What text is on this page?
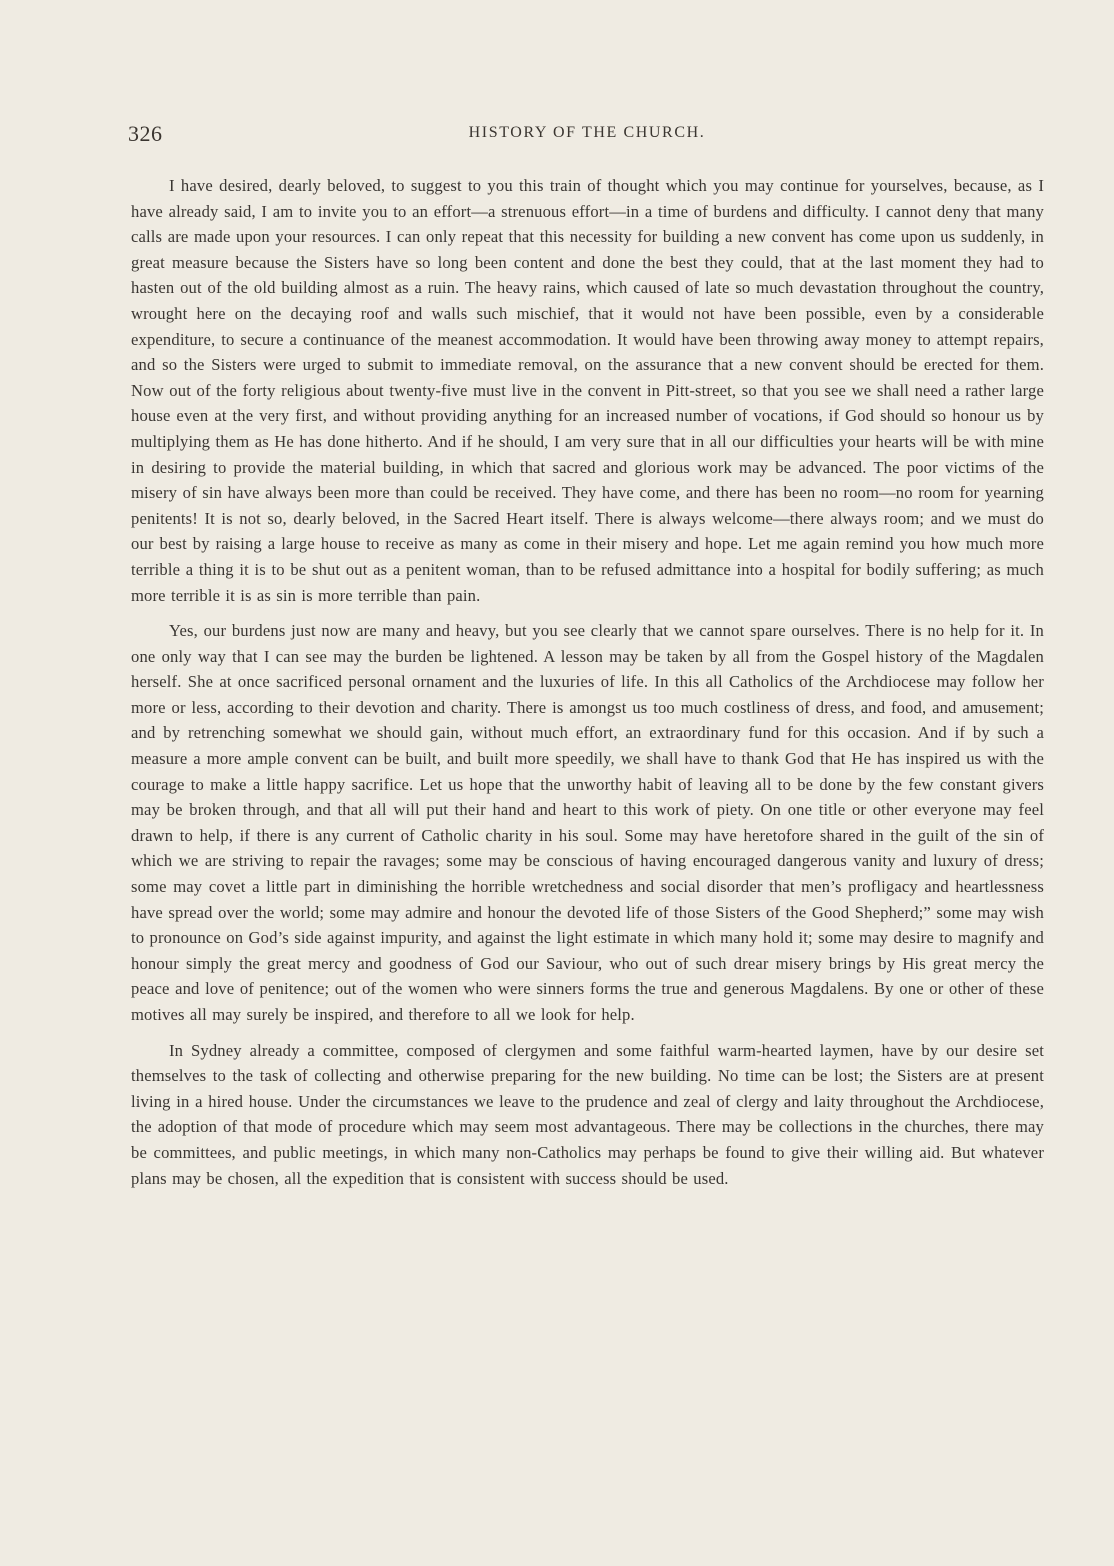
326	HISTORY OF THE CHURCH.

I have desired, dearly beloved, to suggest to you this train of thought which you may continue for yourselves, because, as I have already said, I am to invite you to an effort—a strenuous effort—in a time of burdens and difficulty. I cannot deny that many calls are made upon your resources. I can only repeat that this necessity for building a new convent has come upon us suddenly, in great measure because the Sisters have so long been content and done the best they could, that at the last moment they had to hasten out of the old building almost as a ruin. The heavy rains, which caused of late so much devastation throughout the country, wrought here on the decaying roof and walls such mischief, that it would not have been possible, even by a considerable expenditure, to secure a continuance of the meanest accommodation. It would have been throwing away money to attempt repairs, and so the Sisters were urged to submit to immediate removal, on the assurance that a new convent should be erected for them. Now out of the forty religious about twenty-five must live in the convent in Pitt-street, so that you see we shall need a rather large house even at the very first, and without providing anything for an increased number of vocations, if God should so honour us by multiplying them as He has done hitherto. And if he should, I am very sure that in all our difficulties your hearts will be with mine in desiring to provide the material building, in which that sacred and glorious work may be advanced. The poor victims of the misery of sin have always been more than could be received. They have come, and there has been no room—no room for yearning penitents! It is not so, dearly beloved, in the Sacred Heart itself. There is always welcome—there always room; and we must do our best by raising a large house to receive as many as come in their misery and hope. Let me again remind you how much more terrible a thing it is to be shut out as a penitent woman, than to be refused admittance into a hospital for bodily suffering; as much more terrible it is as sin is more terrible than pain.

Yes, our burdens just now are many and heavy, but you see clearly that we cannot spare ourselves. There is no help for it. In one only way that I can see may the burden be lightened. A lesson may be taken by all from the Gospel history of the Magdalen herself. She at once sacrificed personal ornament and the luxuries of life. In this all Catholics of the Archdiocese may follow her more or less, according to their devotion and charity. There is amongst us too much costliness of dress, and food, and amusement; and by retrenching somewhat we should gain, without much effort, an extraordinary fund for this occasion. And if by such a measure a more ample convent can be built, and built more speedily, we shall have to thank God that He has inspired us with the courage to make a little happy sacrifice. Let us hope that the unworthy habit of leaving all to be done by the few constant givers may be broken through, and that all will put their hand and heart to this work of piety. On one title or other everyone may feel drawn to help, if there is any current of Catholic charity in his soul. Some may have heretofore shared in the guilt of the sin of which we are striving to repair the ravages; some may be conscious of having encouraged dangerous vanity and luxury of dress; some may covet a little part in diminishing the horrible wretchedness and social disorder that men’s profligacy and heartlessness have spread over the world; some may admire and honour the devoted life of those Sisters of the Good Shepherd;” some may wish to pronounce on God’s side against impurity, and against the light estimate in which many hold it; some may desire to magnify and honour simply the great mercy and goodness of God our Saviour, who out of such drear misery brings by His great mercy the peace and love of penitence; out of the women who were sinners forms the true and generous Magdalens. By one or other of these motives all may surely be inspired, and therefore to all we look for help.

In Sydney already a committee, composed of clergymen and some faithful warm-hearted laymen, have by our desire set themselves to the task of collecting and otherwise preparing for the new building. No time can be lost; the Sisters are at present living in a hired house. Under the circumstances we leave to the prudence and zeal of clergy and laity throughout the Archdiocese, the adoption of that mode of procedure which may seem most advantageous. There may be collections in the churches, there may be committees, and public meetings, in which many non-Catholics may perhaps be found to give their willing aid. But whatever plans may be chosen, all the expedition that is consistent with success should be used.
